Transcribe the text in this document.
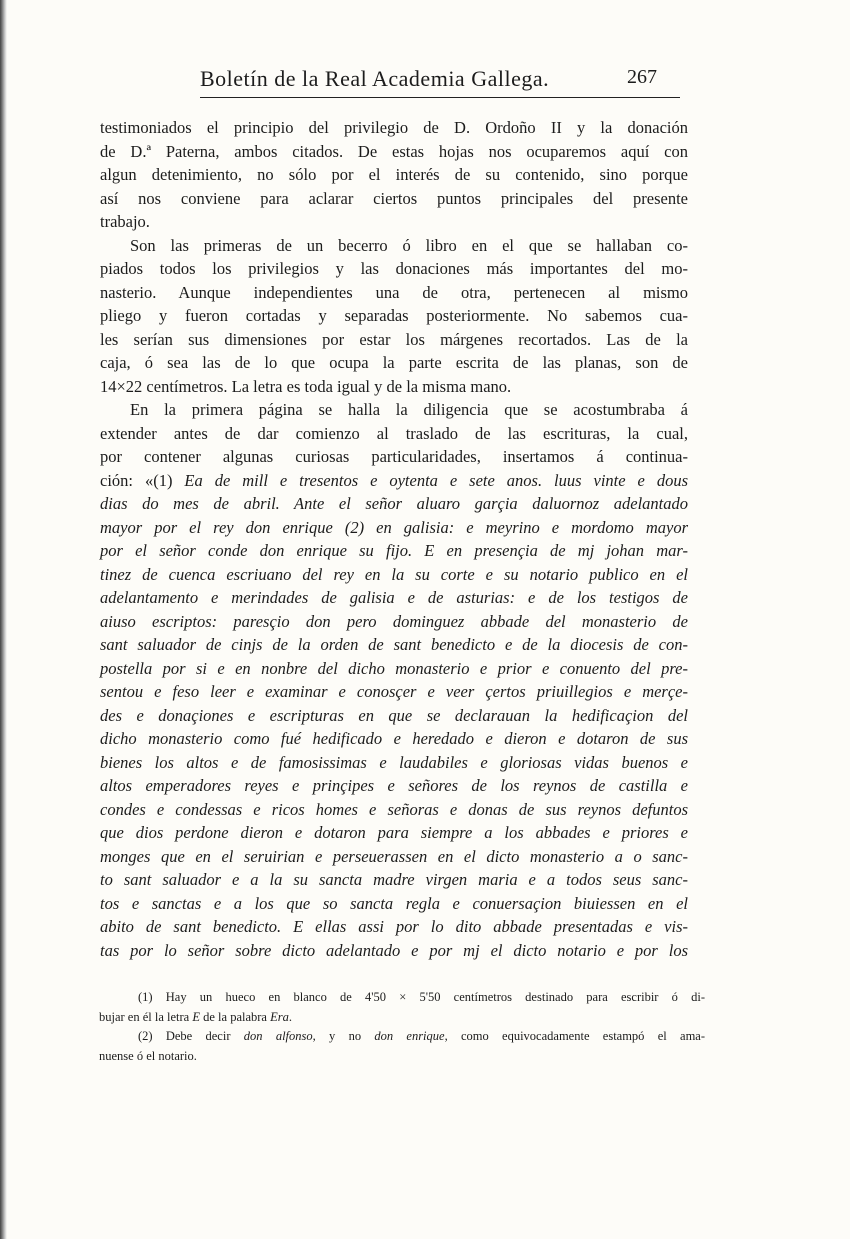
Boletín de la Real Academia Gallega.	267
testimoniados el principio del privilegio de D. Ordoño II y la donación
de D.ª Paterna, ambos citados. De estas hojas nos ocuparemos aquí con
algun detenimiento, no sólo por el interés de su contenido, sino porque
así nos conviene para aclarar ciertos puntos principales del presente
trabajo.
Son las primeras de un becerro ó libro en el que se hallaban co-
piados todos los privilegios y las donaciones más importantes del mo-
nasterio. Aunque independientes una de otra, pertenecen al mismo
pliego y fueron cortadas y separadas posteriormente. No sabemos cua-
les serían sus dimensiones por estar los márgenes recortados. Las de la
caja, ó sea las de lo que ocupa la parte escrita de las planas, son de
14×22 centímetros. La letra es toda igual y de la misma mano.
En la primera página se halla la diligencia que se acostumbraba á
extender antes de dar comienzo al traslado de las escrituras, la cual,
por contener algunas curiosas particularidades, insertamos á continua-
ción: «(1) Ea de mill e tresentos e oytenta e sete anos. luus vinte e dous
dias do mes de abril. Ante el señor aluaro garçia daluornoz adelantado
mayor por el rey don enrique (2) en galisia: e meyrino e mordomo mayor
por el señor conde don enrique su fijo. E en presençia de mj johan mar-
tinez de cuenca escriuano del rey en la su corte e su notario publico en el
adelantamento e merindades de galisia e de asturias: e de los testigos de
aiuso escriptos: paresçio don pero dominguez abbade del monasterio de
sant saluador de cinjs de la orden de sant benedicto e de la diocesis de con-
postella por si e en nonbre del dicho monasterio e prior e conuento del pre-
sentou e feso leer e examinar e conosçer e veer çertos priuillegios e merçe-
des e donaçiones e escripturas en que se declarauan la hedificaçion del
dicho monasterio como fué hedificado e heredado e dieron e dotaron de sus
bienes los altos e de famosissimas e laudabiles e gloriosas vidas buenos e
altos emperadores reyes e prinçipes e señores de los reynos de castilla e
condes e condessas e ricos homes e señoras e donas de sus reynos defuntos
que dios perdone dieron e dotaron para siempre a los abbades e priores e
monges que en el seruirian e perseuerassen en el dicto monasterio a o sanc-
to sant saluador e a la su sancta madre virgen maria e a todos seus sanc-
tos e sanctas e a los que so sancta regla e conuersaçion biuiessen en el
abito de sant benedicto. E ellas assi por lo dito abbade presentadas e vis-
tas por lo señor sobre dicto adelantado e por mj el dicto notario e por los
(1) Hay un hueco en blanco de 4'50 × 5'50 centímetros destinado para escribir ó di-
bujar en él la letra E de la palabra Era.
(2) Debe decir don alfonso, y no don enrique, como equivocadamente estampó el ama-
nuense ó el notario.
